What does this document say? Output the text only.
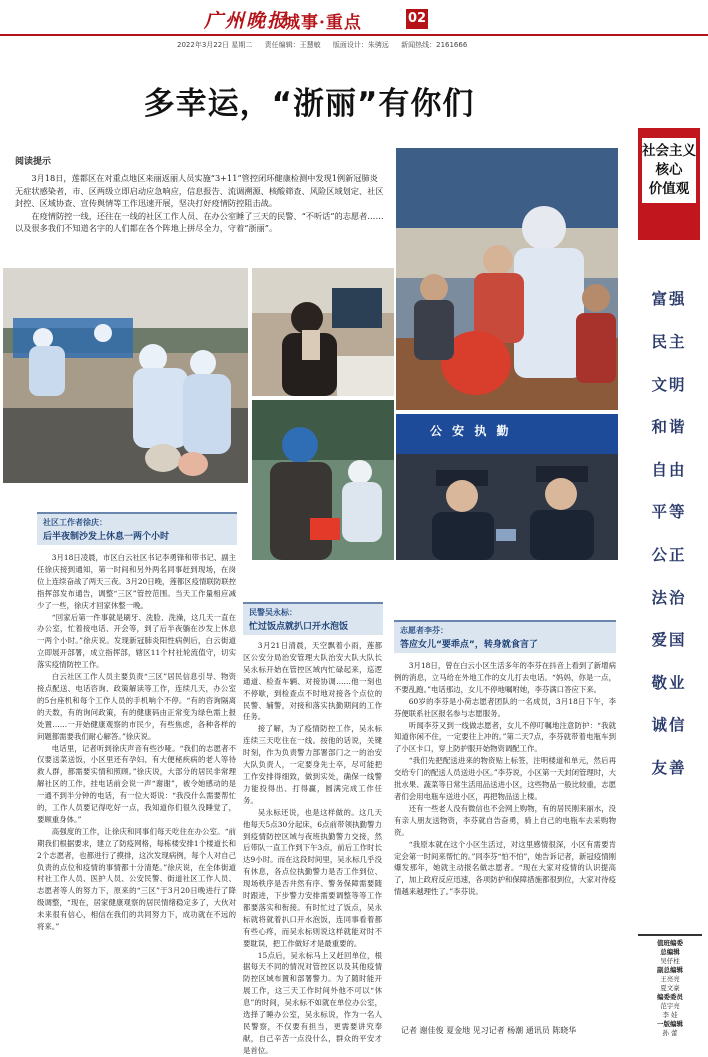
广州晚报
城事·重点	02
2022年3月22日 星期二 责任编辑：王慧敏 版面设计：朱骋远 新闻热线：2161666
多幸运，“浙丽”有你们
阅读提示

3月18日，莲都区在对重点地区来丽返丽人员实施“3+11”管控闭环健康检测中发现1例新冠肺炎无症状感染者，市、区两级立即启动应急响应，信息报告、流调溯源、核酸筛查、风险区域划定、社区封控、区域协查、宣传舆情等工作迅速开展，坚决打好疫情防控阻击战。

在疫情防控一线，还往在一线的社区工作人员、在办公室睡了三天的民警、“不听话”的志愿者……以及很多我们不知道名字的人们都在各个阵地上拼尽全力，守着“浙丽”。

公 安 执 勤
社区工作者徐庆：
后半夜制沙发上休息一两个小时

3月18日凌晨，市区白云社区书记李勇锋和带书记、副主任徐庆接到通知，第一时间和另外两名同事赶到现场，在岗位上连续奋战了两天三夜。3月20日晚，莲都区疫情联防联控指挥部发布通告，调整“三区”管控范围。当天工作量相应减少了一些，徐庆才回家休整一晚。

“回家后第一件事就是刷牙、洗脸、洗澡，这几天一直在办公室，忙着接电话、开会等，到了后半夜躺在沙发上休息一两个小时。”徐庆说。发现新冠肺炎阳性病例后，白云街道立即展开部署，成立指挥部，辖区11个村社轮流值守，切实落实疫情防控工作。

白云社区工作人员主要负责“三区”居民信息引导、物资接点配送、电话咨询、政策解读等工作，连续几天，办公室的5台座机和每个工作人员的手机响个不停。“有的咨询隔离的天数，有的询问政策，有的健康码由正常变为绿色需上报处置……一开始健康观察的市民少，有些焦虑，各种各样的问题都需要我们耐心解答。”徐庆说。

电话里，记者听到徐庆声音有些沙哑。“我们的志愿者不仅要送菜送饭，小区里还有孕妇、有大便秘疾病的老人等待救人群，都需要实情和照顾。”徐庆说，大部分的居民非常理解社区的工作，挂电话前会说一声“谢谢”，被令她感动的是一通不到半分钟的电话，有一位大哥说：“我没什么需要帮忙的，工作人员要记得吃好一点，我知道你们很久没睡觉了，要顾重身体。”

高强度的工作，让徐庆和同事们每天吃住在办公室。“前期我们根据要求，建立了防疫网格，每栋楼安排1个楼道长和2个志愿者，也都进行了摸排，这次发现病例，每个人对自己负责的点位和疫情的事情都十分清楚。”徐庆说，在全体街道村社工作人员、医护人员、公安民警、街道社区工作人员、志愿者等人的努力下，原来的“三区”于3月20日晚进行了降级调整，“现在，居家健康观察的居民情绪稳定多了，大伙对未来很有信心，相信在我们的共同努力下，成功就在不远的将来。”

民警吴永标：
忙过饭点就扒口开水泡饭

3月21日清晨，天空飘着小雨，莲都区公安分局治安管理大队治安大队大队长吴永标开始在管控区域内忙碌起来，巡逻通道、检查车辆、对接协调……他一刻也不停歇，到检查点不时地对接各个点位的民警、辅警，对接和落实执勤期间的工作任务。

接了解，为了疫情防控工作，吴永标连续三天吃住在一线。按他的话说，关键时刻，作为负责警力部署部门之一的治安大队负责人，一定要身先士卒，尽可能把工作安排得细致，做到实处，确保一线警力能投得出、打得赢，圆满完成工作任务。

吴永标还说，也是这样做的。这几天他每天5点30分起床，6点前带领执勤警力到疫情防控区域与夜班执勤警力交接，然后带队一直工作到下午3点，前后工作时长达9小时。而在这段时间里，吴永标几乎没有休息，各点位执勤警力是否工作到位、现场秩序是否井然有序、警务保障需要随时跟进，下步警力安排需要调整等等工作都要落实和衔接。有时忙过了饭点，吴永标就将就着扒口开水泡饭，连同事看着都有些心疼，而吴永标则说这样就能对时不要耽误，把工作做好才是最重要的。

15点后，吴永标马上又赶回单位，根据每天不同的情况对管控区以及其他疫情防控区域布置和部署警力。为了随时能开展工作，这三天工作时间外他不可以“休息”的时间，吴永标不如就在单位办公室，选择了睡办公室，吴永标说，作为一名人民警察，不仅要有担当，更需要讲究奉献，自己辛苦一点没什么，群众的平安才是首位。

志愿者李芬：
答应女儿“要乖点”，转身就食言了

3月18日，曾在白云小区生活多年的李芬在抖音上看到了新增病例的消息，立马给在外地工作的女儿打去电话。“妈妈，你是一点，不要乱跑。”电话那边，女儿不停地嘱咐她，李芬满口答应下来。

60岁的李芬是小荷志愿者团队的一名成员，3月18日下午，李芬便联系社区报名参与志愿服务。

听闻李芬又到一线做志愿者，女儿不停叮嘱地注意防护：“我就知道你闲不住，一定要往上冲的。”第二天7点，李芬就带着电瓶车到了小区卡口，穿上防护服开始物资调配工作。

“我们先把配送进来的物资贴上标签，注明楼道和单元，然后再交给专门的配送人员送进小区。”李芬说，小区第一天封闭管理时，大批水果、蔬菜等日常生活用品送进小区，这些物品一般比较重，志愿者们会用电瓶车送进小区，再把物品送上楼。

还有一些老人没有微信也不会网上购物，有的居民刚来丽水，没有亲人朋友送物资，李芬就自告奋勇，骑上自己的电瓶车去采购物资。

“我原本就在这个小区生活过，对这里感情很深，小区有需要肯定会第一时间来帮忙的。”同李芬“怕不怕”，她告诉记者，新冠疫情刚爆发那年，她就主动报名做志愿者。“现在大家对疫情的认识提高了，加上政府反应迅速，各项防护和保障措施都很到位，大家对待疫情越来越理性了。”李芬说。

记者 谢佳俊 夏金地 见习记者 杨潮 通讯员 陈晓华
社会主义
核心
价值观
富强
民主
文明
和谐
自由
平等
公正
法治
爱国
敬业
诚信
友善
值班编委
总编辑
吴仔柱
副总编辑
王亮亮
夏文豪
编委委员
范宇亮
李 娃
一版编辑
孙 蕾
